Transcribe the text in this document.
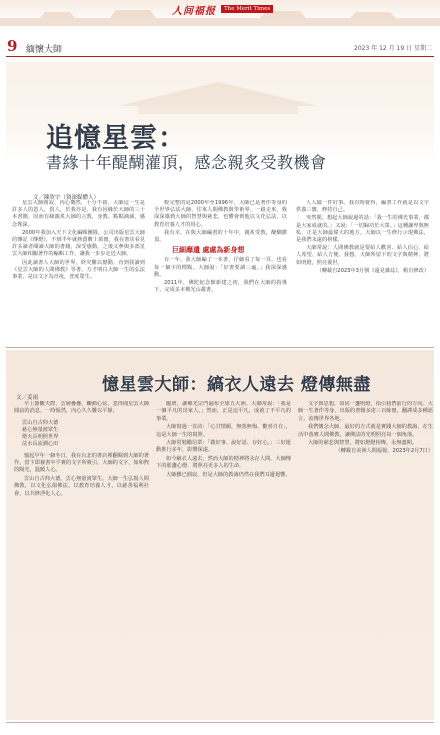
人间福报	The Merit Times
9 緬懷大師	2023 年 12 月 19 日 星期二
追憶星雲：
書緣十年醍醐灌頂，感念親炙受教機會
文／陳欣宇（資深媒體人）

星雲大師圓寂，內心慨然，十分不捨。大師這一生是許多人的恩人，貴人，於我亦是。我有因緣於大師的三十本書籍，因而有緣親炙大師的言教，身教。點點滴滴，感念殊深。

2000年我加入天下文化編輯團隊，公司出版星雲大師的傳記《傳燈》，不到半年就熱賣數十萬冊。我在書店看見許多讀者閱讀大師的書籍，深受感動。之後又參與多部星雲大師相關著作的編輯工作，讓我一步步走近大師。

因此讀書人大師的世界，終究難以撼動，直到我讀到《星雲大師的人間佛教》等書，方才明白大師一生的弘法事業，是以文字為舟筏，普度眾生。

較完整的是2000年至1996年，大師已是著作等身的全世界弘法大師，往來人間佛教與學術界。一路走來，我深深感到大師的智慧與慈悲，也體會到他以文化弘法，以教育培養人才的用心。

我有幸，在與大師編書的十年中，親炙受教，醍醐灌頂。

巨細靡遺 處處為新身想

有一年，我大師編了一本書，仔細看了每一頁，也看每一個字的標點。大師說：「好書要讀三遍。」我深深感動。

2011年，佛陀紀念館新建之初，我們在大師的指導下，完成多本佛光山叢書。

人人做一件好事。我有時覺得，編書工作就是以文字供養三寶，修持自己。

突然間，想起大師說過的話：「我一生的佛光事業，都是大家成就的。」又說：「一切歸功於大眾。」這種謙卑與無私，正是大師最偉大的地方。大師以一生修行示現佛法，是我們永遠的榜樣。

大師常說：人間佛教就是要給人歡喜、給人信心、給人希望、給人方便。我想，大師所留下的文字與精神，將如明燈，照亮後世。

（轉載自2023年3月號《遠見雜誌》，稍有修改）

憶星雲大師：縞衣人遠去 燈傳無盡
文／姜雨

早上靜觀天際，雲層疊疊，觸動心弦。忽得聞星雲大師圓寂的消息，一時悵然，內心久久難以平靜。

雲山自古仰大德
慈心無量渡眾生
燈火長明照世界
法水長流潤心田

憶起早年一個冬日，我在台北的書店裡翻閱到大師的著作，當下即被書中平實的文字所吸引。大師的文字，如和煦的陽光，溫暖人心。

雲山自古仰大德，雲心無量渡眾生。大師一生弘揚人間佛教，以文化弘揚佛法，以教育培養人才，以慈善福利社會，以共修淨化人心。

臨濟，讓佛光宗門遍布全球五大洲。大師常說：「我是一個平凡的出家人。」然而，正是這平凡，成就了不平凡的事業。

大師寫過一首詩：「心甘情願，無怨無悔，歡喜自在」，這是大師一生的寫照。

大師常勉勵信眾：「做好事、說好話、存好心。」三好運動推行多年，影響深遠。

如今縞衣人遠去，然而大師的精神將永存人間，大師傳下的那盞心燈，將照亮更多人的生命。

大師雖已圓寂，但是大師的教誨仍然在我們耳邊迴響。

文字與思想，如同一盞明燈，指引我們前行的方向。大師一生著作等身，出版的書籍多達三百餘冊，翻譯成多種語言，流傳世界各地。

我們懷念大師，最好的方式就是實踐大師的教誨，在生活中落實人間佛教，讓佛法的光明照亮每一個角落。

大師的慈悲與智慧，將如燈燈相傳，永無盡期。

（轉載自美洲人間福報，2023年2月7日）
